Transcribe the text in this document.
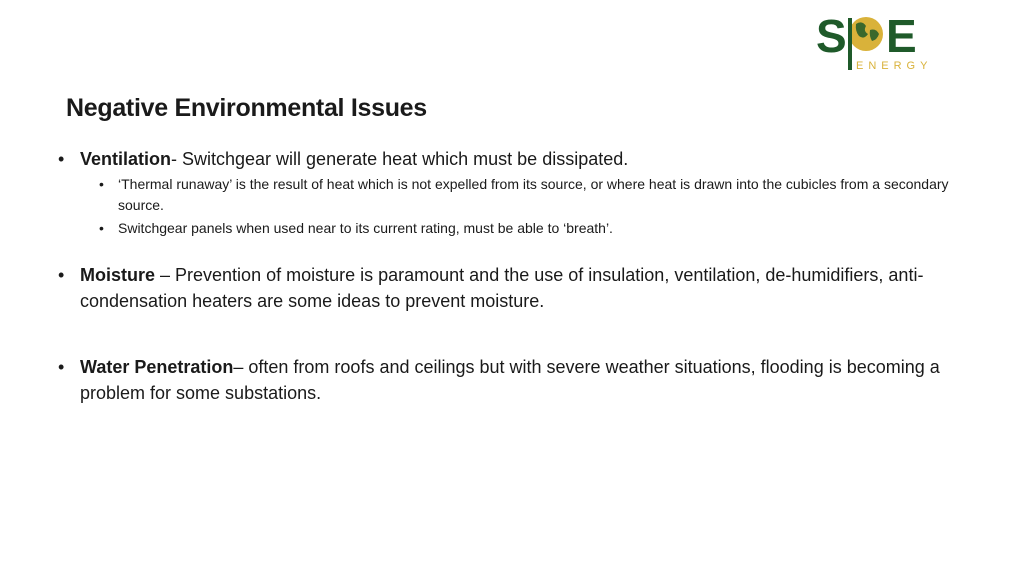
S E
ENERGY
Negative Environmental Issues
• Ventilation- Switchgear will generate heat which must be dissipated.
• ‘Thermal runaway’ is the result of heat which is not expelled from its source, or where heat is drawn into the cubicles from a secondary source.
• Switchgear panels when used near to its current rating, must be able to ‘breath’.
• Moisture – Prevention of moisture is paramount and the use of insulation, ventilation, de-humidifiers, anti-condensation heaters are some ideas to prevent moisture.
• Water Penetration– often from roofs and ceilings but with severe weather situations, flooding is becoming a problem for some substations.
